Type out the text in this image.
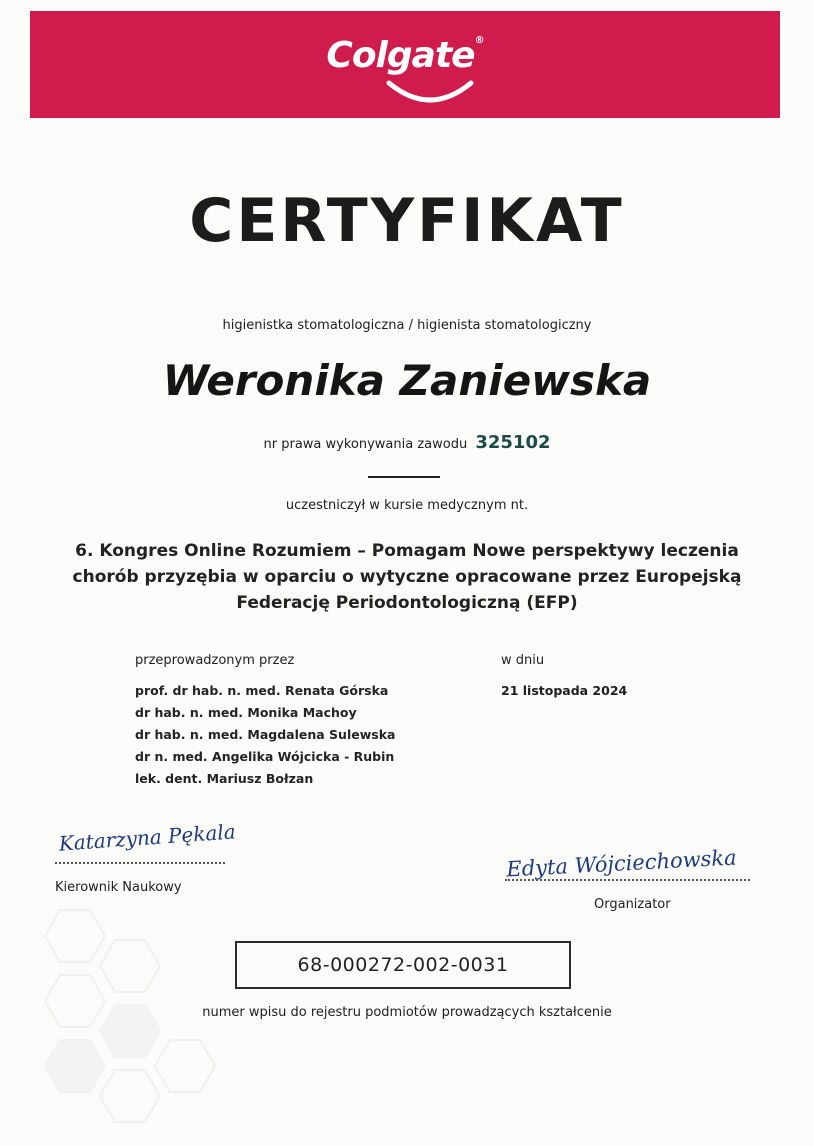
Colgate®
CERTYFIKAT
higienistka stomatologiczna / higienista stomatologiczny
Weronika Zaniewska
nr prawa wykonywania zawodu 325102
uczestniczył w kursie medycznym nt.
6. Kongres Online Rozumiem – Pomagam Nowe perspektywy leczenia chorób przyzębia w oparciu o wytyczne opracowane przez Europejską Federację Periodontologiczną (EFP)
przeprowadzonym przez	w dniu
prof. dr hab. n. med. Renata Górska
dr hab. n. med. Monika Machoy
dr hab. n. med. Magdalena Sulewska
dr n. med. Angelika Wójcicka - Rubin
lek. dent. Mariusz Bołzan
21 listopada 2024
Katarzyna Pękala
Kierownik Naukowy
Edyta Wójciechowska
Organizator
68-000272-002-0031
numer wpisu do rejestru podmiotów prowadzących kształcenie
